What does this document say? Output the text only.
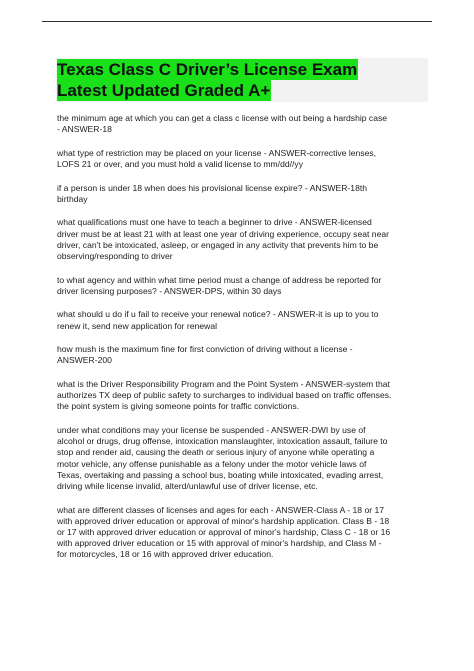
Texas Class C Driver’s License Exam
Latest Updated Graded A+
the minimum age at which you can get a class c license with out being a hardship case
- ANSWER-18
what type of restriction may be placed on your license - ANSWER-corrective lenses,
LOFS 21 or over, and you must hold a valid license to mm/dd//yy
if a person is under 18 when does his provisional license expire? - ANSWER-18th
birthday
what qualifications must one have to teach a beginner to drive - ANSWER-licensed
driver must be at least 21 with at least one year of driving experience, occupy seat near
driver, can't be intoxicated, asleep, or engaged in any activity that prevents him to be
observing/responding to driver
to what agency and within what time period must a change of address be reported for
driver licensing purposes? - ANSWER-DPS, within 30 days
what should u do if u fail to receive your renewal notice? - ANSWER-it is up to you to
renew it, send new application for renewal
how mush is the maximum fine for first conviction of driving without a license -
ANSWER-200
what is the Driver Responsibility Program and the Point System - ANSWER-system that
authorizes TX deep of public safety to surcharges to individual based on traffic offenses.
the point system is giving someone points for traffic convictions.
under what conditions may your license be suspended - ANSWER-DWI by use of
alcohol or drugs, drug offense, intoxication manslaughter, intoxication assault, failure to
stop and render aid, causing the death or serious injury of anyone while operating a
motor vehicle, any offense punishable as a felony under the motor vehicle laws of
Texas, overtaking and passing a school bus, boating while intoxicated, evading arrest,
driving while license invalid, alterd/unlawful use of driver license, etc.
what are different classes of licenses and ages for each - ANSWER-Class A - 18 or 17
with approved driver education or approval of minor's hardship application. Class B - 18
or 17 with approved driver education or approval of minor's hardship, Class C - 18 or 16
with approved driver education or 15 with approval of minor's hardship, and Class M -
for motorcycles, 18 or 16 with approved driver education.
